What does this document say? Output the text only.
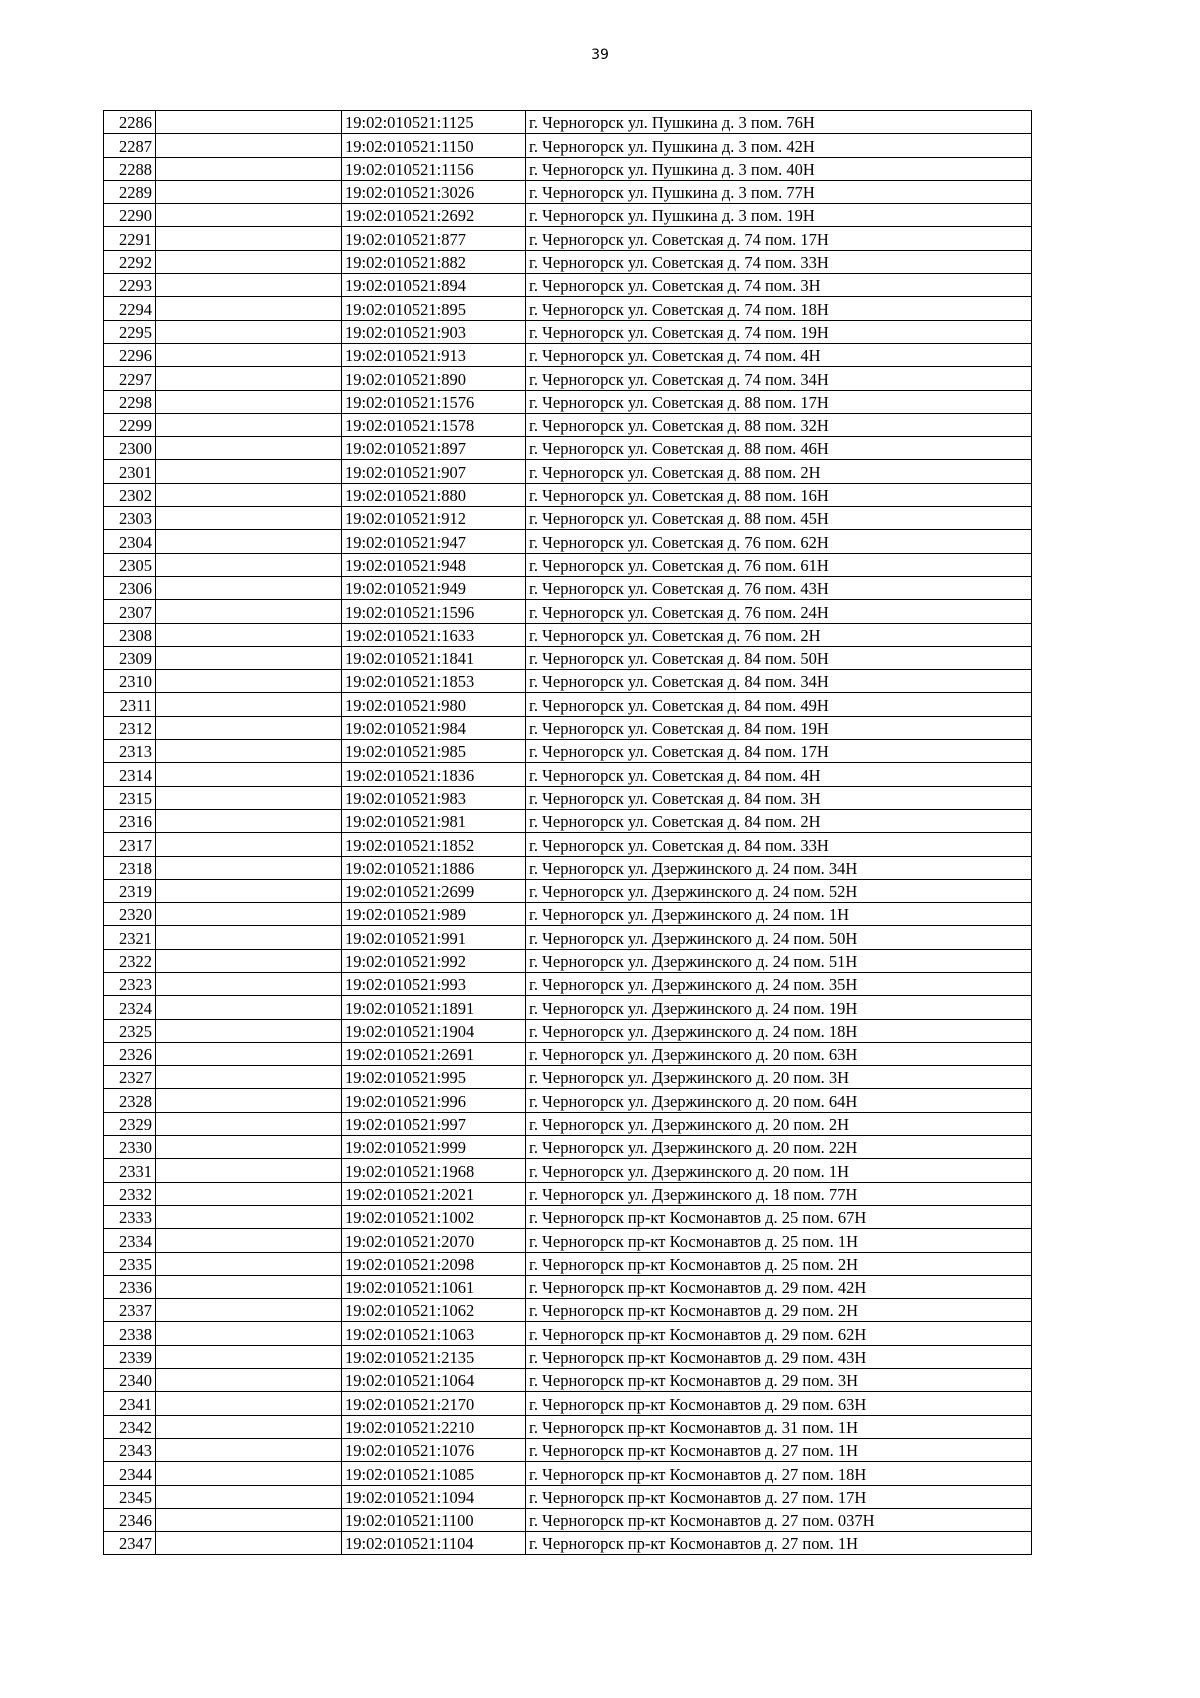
39
2286		19:02:010521:1125	г. Черногорск ул. Пушкина д. 3 пом. 76Н
2287		19:02:010521:1150	г. Черногорск ул. Пушкина д. 3 пом. 42Н
2288		19:02:010521:1156	г. Черногорск ул. Пушкина д. 3 пом. 40Н
2289		19:02:010521:3026	г. Черногорск ул. Пушкина д. 3 пом. 77Н
2290		19:02:010521:2692	г. Черногорск ул. Пушкина д. 3 пом. 19Н
2291		19:02:010521:877	г. Черногорск ул. Советская д. 74 пом. 17Н
2292		19:02:010521:882	г. Черногорск ул. Советская д. 74 пом. 33Н
2293		19:02:010521:894	г. Черногорск ул. Советская д. 74 пом. 3Н
2294		19:02:010521:895	г. Черногорск ул. Советская д. 74 пом. 18Н
2295		19:02:010521:903	г. Черногорск ул. Советская д. 74 пом. 19Н
2296		19:02:010521:913	г. Черногорск ул. Советская д. 74 пом. 4Н
2297		19:02:010521:890	г. Черногорск ул. Советская д. 74 пом. 34Н
2298		19:02:010521:1576	г. Черногорск ул. Советская д. 88 пом. 17Н
2299		19:02:010521:1578	г. Черногорск ул. Советская д. 88 пом. 32Н
2300		19:02:010521:897	г. Черногорск ул. Советская д. 88 пом. 46Н
2301		19:02:010521:907	г. Черногорск ул. Советская д. 88 пом. 2Н
2302		19:02:010521:880	г. Черногорск ул. Советская д. 88 пом. 16Н
2303		19:02:010521:912	г. Черногорск ул. Советская д. 88 пом. 45Н
2304		19:02:010521:947	г. Черногорск ул. Советская д. 76 пом. 62Н
2305		19:02:010521:948	г. Черногорск ул. Советская д. 76 пом. 61Н
2306		19:02:010521:949	г. Черногорск ул. Советская д. 76 пом. 43Н
2307		19:02:010521:1596	г. Черногорск ул. Советская д. 76 пом. 24Н
2308		19:02:010521:1633	г. Черногорск ул. Советская д. 76 пом. 2Н
2309		19:02:010521:1841	г. Черногорск ул. Советская д. 84 пом. 50Н
2310		19:02:010521:1853	г. Черногорск ул. Советская д. 84 пом. 34Н
2311		19:02:010521:980	г. Черногорск ул. Советская д. 84 пом. 49Н
2312		19:02:010521:984	г. Черногорск ул. Советская д. 84 пом. 19Н
2313		19:02:010521:985	г. Черногорск ул. Советская д. 84 пом. 17Н
2314		19:02:010521:1836	г. Черногорск ул. Советская д. 84 пом. 4Н
2315		19:02:010521:983	г. Черногорск ул. Советская д. 84 пом. 3Н
2316		19:02:010521:981	г. Черногорск ул. Советская д. 84 пом. 2Н
2317		19:02:010521:1852	г. Черногорск ул. Советская д. 84 пом. 33Н
2318		19:02:010521:1886	г. Черногорск ул. Дзержинского д. 24 пом. 34Н
2319		19:02:010521:2699	г. Черногорск ул. Дзержинского д. 24 пом. 52Н
2320		19:02:010521:989	г. Черногорск ул. Дзержинского д. 24 пом. 1Н
2321		19:02:010521:991	г. Черногорск ул. Дзержинского д. 24 пом. 50Н
2322		19:02:010521:992	г. Черногорск ул. Дзержинского д. 24 пом. 51Н
2323		19:02:010521:993	г. Черногорск ул. Дзержинского д. 24 пом. 35Н
2324		19:02:010521:1891	г. Черногорск ул. Дзержинского д. 24 пом. 19Н
2325		19:02:010521:1904	г. Черногорск ул. Дзержинского д. 24 пом. 18Н
2326		19:02:010521:2691	г. Черногорск ул. Дзержинского д. 20 пом. 63Н
2327		19:02:010521:995	г. Черногорск ул. Дзержинского д. 20 пом. 3Н
2328		19:02:010521:996	г. Черногорск ул. Дзержинского д. 20 пом. 64Н
2329		19:02:010521:997	г. Черногорск ул. Дзержинского д. 20 пом. 2Н
2330		19:02:010521:999	г. Черногорск ул. Дзержинского д. 20 пом. 22Н
2331		19:02:010521:1968	г. Черногорск ул. Дзержинского д. 20 пом. 1Н
2332		19:02:010521:2021	г. Черногорск ул. Дзержинского д. 18 пом. 77Н
2333		19:02:010521:1002	г. Черногорск пр-кт Космонавтов д. 25 пом. 67Н
2334		19:02:010521:2070	г. Черногорск пр-кт Космонавтов д. 25 пом. 1Н
2335		19:02:010521:2098	г. Черногорск пр-кт Космонавтов д. 25 пом. 2Н
2336		19:02:010521:1061	г. Черногорск пр-кт Космонавтов д. 29 пом. 42Н
2337		19:02:010521:1062	г. Черногорск пр-кт Космонавтов д. 29 пом. 2Н
2338		19:02:010521:1063	г. Черногорск пр-кт Космонавтов д. 29 пом. 62Н
2339		19:02:010521:2135	г. Черногорск пр-кт Космонавтов д. 29 пом. 43Н
2340		19:02:010521:1064	г. Черногорск пр-кт Космонавтов д. 29 пом. 3Н
2341		19:02:010521:2170	г. Черногорск пр-кт Космонавтов д. 29 пом. 63Н
2342		19:02:010521:2210	г. Черногорск пр-кт Космонавтов д. 31 пом. 1Н
2343		19:02:010521:1076	г. Черногорск пр-кт Космонавтов д. 27 пом. 1Н
2344		19:02:010521:1085	г. Черногорск пр-кт Космонавтов д. 27 пом. 18Н
2345		19:02:010521:1094	г. Черногорск пр-кт Космонавтов д. 27 пом. 17Н
2346		19:02:010521:1100	г. Черногорск пр-кт Космонавтов д. 27 пом. 037Н
2347		19:02:010521:1104	г. Черногорск пр-кт Космонавтов д. 27 пом. 1Н
